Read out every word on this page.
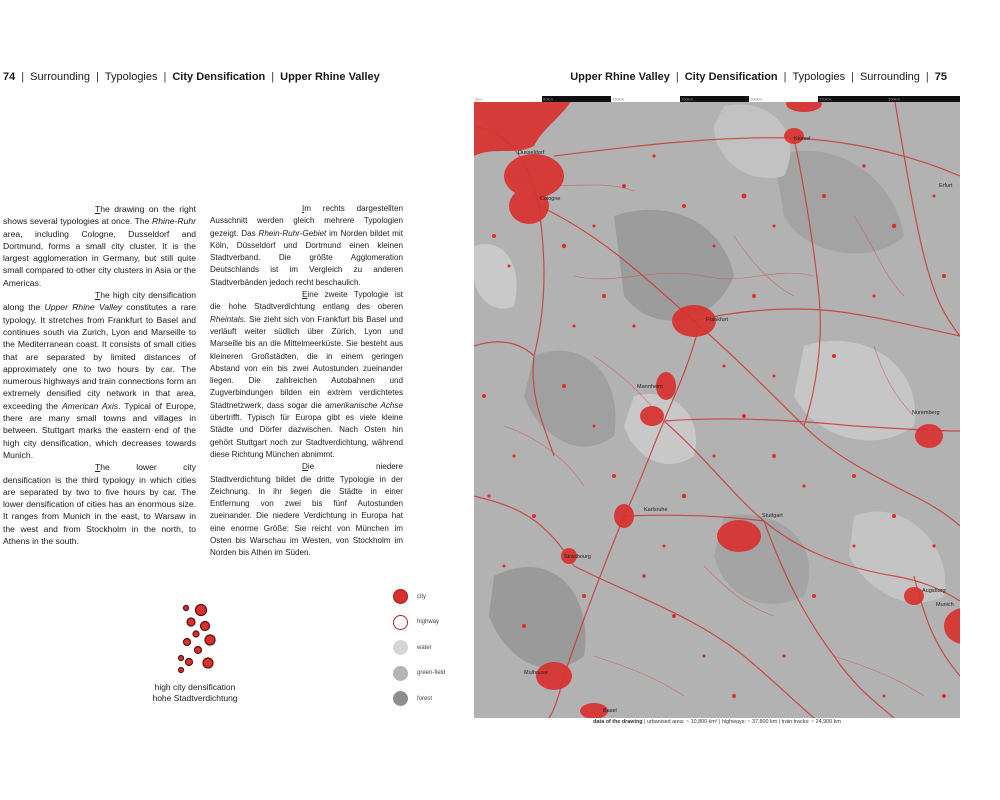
74 | Surrounding | Typologies | City Densification | Upper Rhine Valley	Upper Rhine Valley | City Densification | Typologies | Surrounding | 75

The drawing on the right shows several typologies at once. The Rhine-Ruhr area, including Cologne, Dusseldorf and Dortmund, forms a small city cluster. It is the largest agglomeration in Germany, but still quite small compared to other city clusters in Asia or the Americas.

The high city densification along the Upper Rhine Valley constitutes a rare typology. It stretches from Frankfurt to Basel and continues south via Zurich, Lyon and Marseille to the Mediterranean coast. It consists of small cities that are separated by limited distances of approximately one to two hours by car. The numerous highways and train connections form an extremely densified city network in that area, exceeding the American Axis. Typical of Europe, there are many small towns and villages in between. Stuttgart marks the eastern end of the high city densification, which decreases towards Munich.

The lower city densification is the third typology in which cities are separated by two to five hours by car. The lower densification of cities has an enormous size. It ranges from Munich in the east, to Warsaw in the west and from Stockholm in the north, to Athens in the south.

Im rechts dargestellten Ausschnitt werden gleich mehrere Typologien gezeigt. Das Rhein-Ruhr-Gebiet im Norden bildet mit Köln, Düsseldorf und Dortmund einen kleinen Stadtverband. Die größte Agglomeration Deutschlands ist im Vergleich zu anderen Stadtverbänden jedoch recht beschaulich.

Eine zweite Typologie ist die hohe Stadtverdichtung entlang des oberen Rheintals. Sie zieht sich von Frankfurt bis Basel und verläuft weiter südlich über Zürich, Lyon und Marseille bis an die Mittelmeerküste. Sie besteht aus kleineren Großstädten, die in einem geringen Abstand von ein bis zwei Autostunden zueinander liegen. Die zahlreichen Autobahnen und Zugverbindungen bilden ein extrem verdichtetes Stadtnetzwerk, dass sogar die amerikanische Achse übertrifft. Typisch für Europa gibt es viele kleine Städte und Dörfer dazwischen. Nach Osten hin gehört Stuttgart noch zur Stadtverdichtung, während diese Richtung München abnimmt.

Die niedere Stadtverdichtung bildet die dritte Typologie in der Zeichnung. In ihr liegen die Städte in einer Entfernung von zwei bis fünf Autostunden zueinander. Die niedere Verdichtung in Europa hat eine enorme Größe: Sie reicht von München im Osten bis Warschau im Westen, von Stockholm im Norden bis Athen im Süden.

high city densification
hohe Stadtverdichtung
city
highway
water
green-field
forest
Kassel
Dusseldorf
Erfurt
Cologne
Frankfurt
Mannheim
Nuremberg
Karlsruhe
Stuttgart
Strasbourg
Augsburg
Munich
Mulhouse
Basel
0km	50km	100km	150km	200km	250km	300km
data of the drawing | urbanised area: ~ 10,800 km² | highways: ~ 37,800 km | train tracks: ~ 24,900 km
